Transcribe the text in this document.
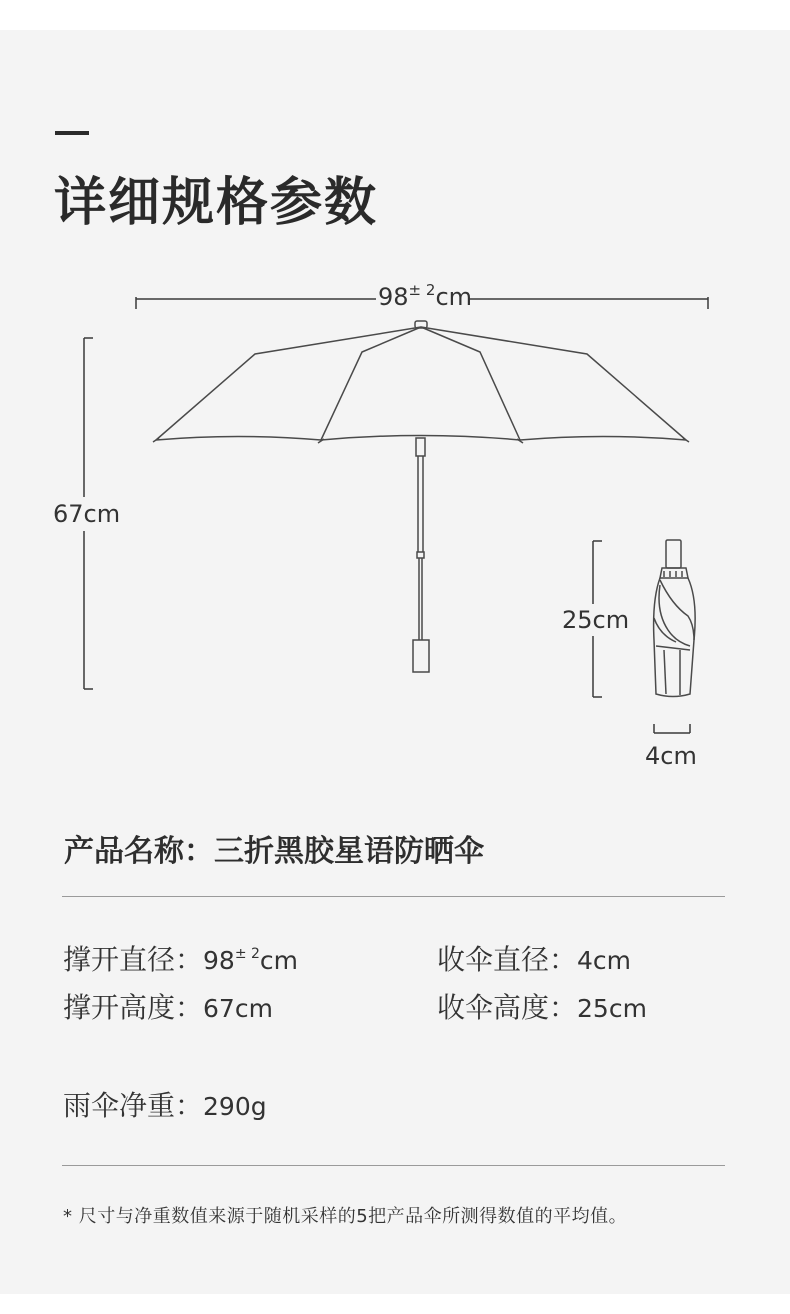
详细规格参数
$98^{\pm 2}cm$
67cm
25cm
4cm
产品名称：三折黑胶星语防晒伞
撑开直径：$98^{\pm 2}cm$	收伞直径：4cm
撑开高度：67cm	收伞高度：25cm
雨伞净重：290g
* 尺寸与净重数值来源于随机采样的5把产品伞所测得数值的平均值。
